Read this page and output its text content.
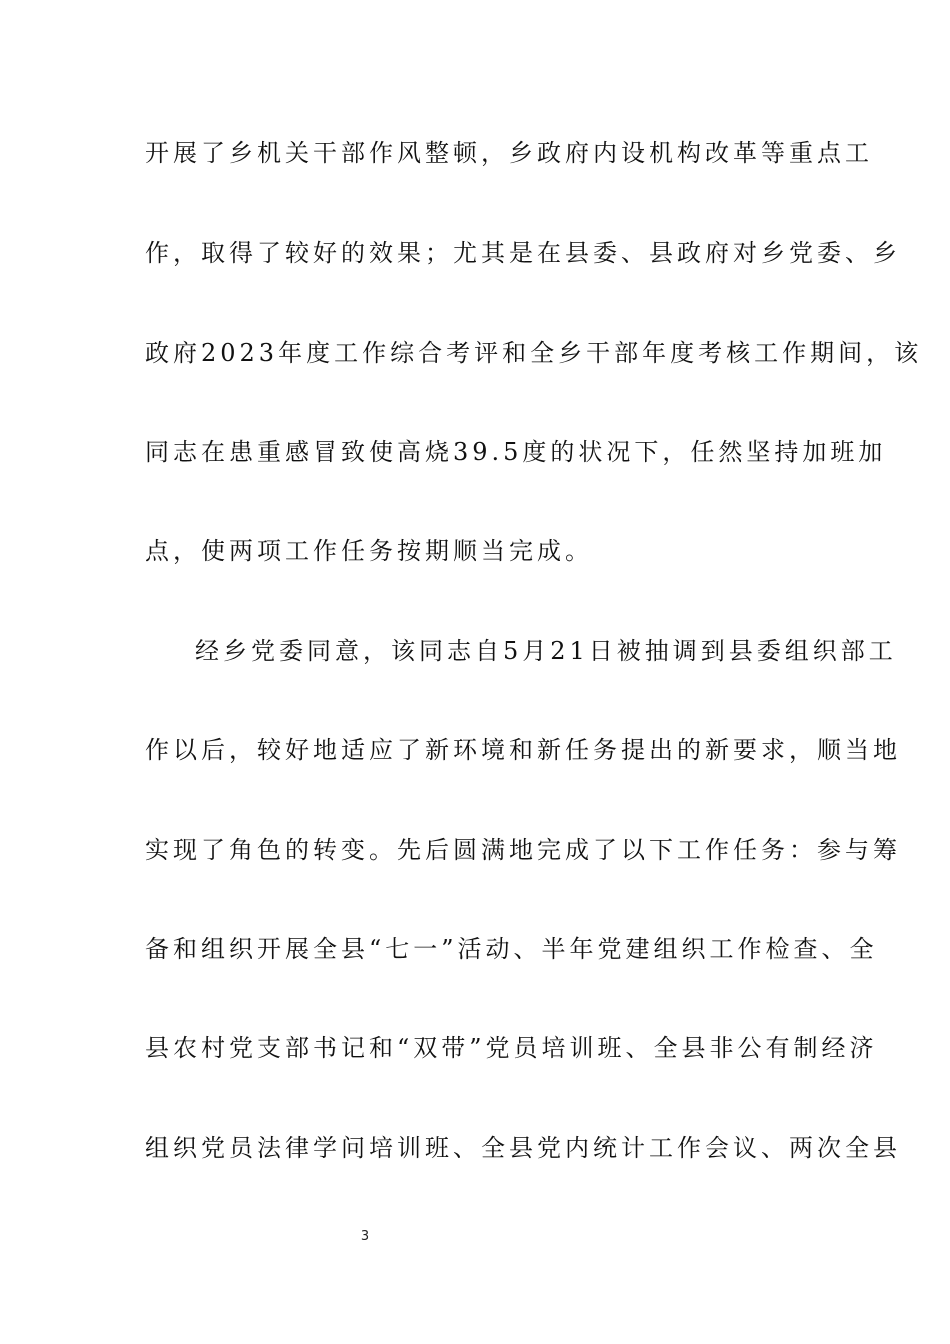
开展了乡机关干部作风整顿，乡政府内设机构改革等重点工
作，取得了较好的效果；尤其是在县委、县政府对乡党委、乡
政府2023年度工作综合考评和全乡干部年度考核工作期间，该
同志在患重感冒致使高烧39.5度的状况下，任然坚持加班加
点，使两项工作任务按期顺当完成。
经乡党委同意，该同志自5月21日被抽调到县委组织部工
作以后，较好地适应了新环境和新任务提出的新要求，顺当地
实现了角色的转变。先后圆满地完成了以下工作任务：参与筹
备和组织开展全县“七一”活动、半年党建组织工作检查、全
县农村党支部书记和“双带”党员培训班、全县非公有制经济
组织党员法律学问培训班、全县党内统计工作会议、两次全县
3
